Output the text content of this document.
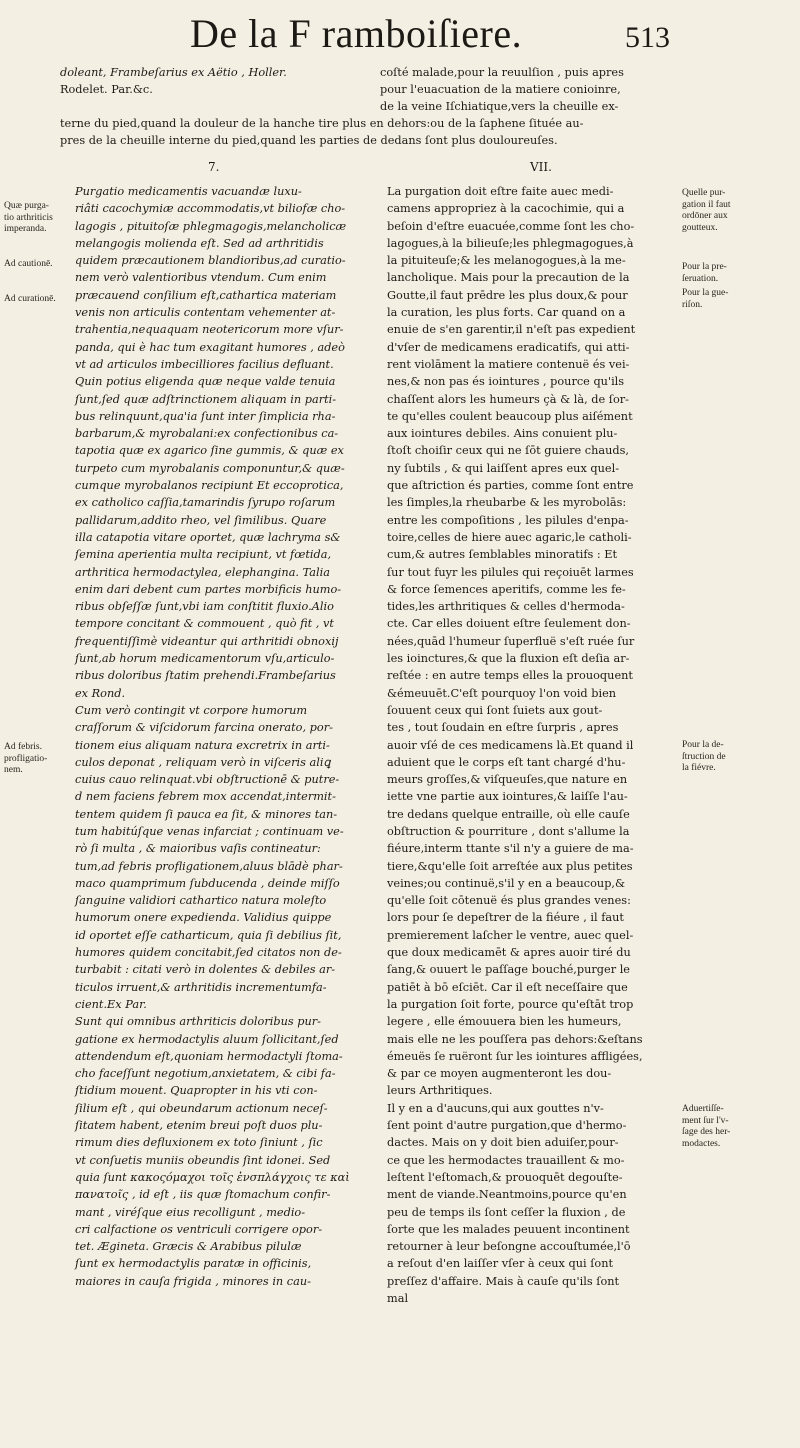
De la F ramboiſiere.	513
doleant, Frambeſarius ex Aëtio , Holler.
Rodelet. Par.&c.
coſté malade,pour la reuulſion , puis apres
pour l'euacuation de la matiere conioinre,
de la veine Iſchiatique,vers la cheuille ex-
terne du pied,quand la douleur de la hanche tire plus en dehors:ou de la ſaphene ſituée au-
pres de la cheuille interne du pied,quand les parties de dedans ſont plus douloureuſes.
7.	VII.
Purgatio medicamentis vacuandæ luxu-
riâti cacochymiæ accommodatis,vt biliofæ cho-
lagogis , pituitoſæ phlegmagogis,melancholicæ
melangogis molienda eſt. Sed ad arthritidis
quidem præcautionem blandioribus,ad curatio-
nem verò valentioribus vtendum. Cum enim
præcauend conſilium eſt,cathartica materiam
venis non articulis contentam vehementer at-
trahentia,nequaquam neotericorum more vſur-
panda, qui è hac tum exagitant humores , adeò
vt ad articulos imbecilliores facilius defluant.
Quin potius eligenda quæ neque valde tenuia
ſunt,ſed quæ adſtrinctionem aliquam in parti-
bus relinquunt,qua'ia ſunt inter ſimplicia rha-
barbarum,& myrobalani:ex confectionibus ca-
tapotia quæ ex agarico ſine gummis, & quæ ex
turpeto cum myrobalanis componuntur,& quæ-
cumque myrobalanos recipiunt Et eccoprotica,
ex catholico caſſia,tamarindis ſyrupo roſarum
pallidarum,addito rheo, vel ſimilibus. Quare
illa catapotia vitare oportet, quæ lachryma s&
ſemina aperientia multa recipiunt, vt fœtida,
arthritica hermodactylea, elephangina. Talia
enim dari debent cum partes morbificis humo-
ribus obſeſſæ ſunt,vbi iam conſtitit fluxio.Alio
tempore concitant & commouent , quò fit , vt
frequentiſſimè videantur qui arthritidi obnoxij
ſunt,ab horum medicamentorum vſu,articulo-
ribus doloribus ſtatim prehendi.Frambeſarius
ex Rond.
Cum verò contingit vt corpore humorum
craſſorum & viſcidorum farcina onerato, por-
tionem eius aliquam natura excretrix in arti-
culos deponat , reliquam verò in viſceris aliꝗ
cuius cauo relinquat.vbi obſtructionē & putre-
d nem faciens febrem mox accendat,intermit-
tentem quidem ſi pauca ea ſit, & minores tan-
tum habitúſque venas infarciat ; continuam ve-
rò ſi multa , & maioribus vaſis contineatur:
tum,ad febris profligationem,aluus blādè phar-
maco quamprimum ſubducenda , deinde miſſo
ſanguine validiori cathartico natura moleſto
humorum onere expedienda. Validius quippe
id oportet eſſe catharticum, quia ſi debilius ſit,
humores quidem concitabit,ſed citatos non de-
turbabit : citati verò in dolentes & debiles ar-
ticulos irruent,& arthritidis incrementumfa-
cient.Ex Par.
Sunt qui omnibus arthriticis doloribus pur-
gatione ex hermodactylis aluum ſollicitant,ſed
attendendum eſt,quoniam hermodactyli ſtoma-
cho faceſſunt negotium,anxietatem, & cibi fa-
ſtidium mouent. Quapropter in his vti con-
ſilium eſt , qui obeundarum actionum neceſ-
ſitatem habent, etenim breui poſt duos plu-
rimum dies defluxionem ex toto ſiniunt , ſic
vt conſuetis muniis obeundis ſint idonei. Sed
quia ſunt κακοςόμαχοι τοῖς ἐνσπλάγχοις τε καὶ
πανατοῖς , id eſt , iis quæ ſtomachum confir-
mant , viréſque eius recolligunt , medio-
cri calfactione os ventriculi corrigere opor-
tet. Æginetа. Græcis & Arabibus pilulæ
ſunt ex hermodactylis paratæ in officinis,
maiores in cauſa frigida , minores in cau-
La purgation doit eſtre faite auec medi-
camens appropriez à la cacochimie, qui a
beſoin d'eſtre euacuée,comme ſont les cho-
lagogues,à la bilieuſe;les phlegmagogues,à
la pituiteuſe;& les melanogogues,à la me-
lancholique. Mais pour la precaution de la
Goutte,il faut prēdre les plus doux,& pour
la curation, les plus forts. Car quand on a
enuie de s'en garentir,il n'eſt pas expedient
d'vſer de medicamens eradicatifs, qui atti-
rent violāment la matiere contenuë és vei-
nes,& non pas és iointures , pource qu'ils
chaſſent alors les humeurs çà & là, de ſor-
te qu'elles coulent beaucoup plus aiſément
aux iointures debiles. Ains conuient plu-
ſtoſt choiſir ceux qui ne ſōt guiere chauds,
ny ſubtils , & qui laiſſent apres eux quel-
que aſtriction és parties, comme ſont entre
les ſimples,la rheubarbe & les myrobolās:
entre les compoſitions , les pilules d'enpa-
toire,celles de hiere auec agaric,le catholi-
cum,& autres ſemblables minoratifs : Et
ſur tout fuyr les pilules qui reçoiuēt larmes
& force ſemences aperitifs, comme les fe-
tides,les arthritiques & celles d'hermoda-
cte. Car elles doiuent eſtre ſeulement don-
nées,quād l'humeur ſuperfluë s'eſt ruée ſur
les ioinctures,& que la fluxion eſt deſia ar-
reſtée : en autre temps elles la prouoquent
&émeuuēt.C'eſt pourquoy l'on void bien
ſouuent ceux qui ſont ſuiets aux gout-
tes , tout ſoudain en eſtre ſurpris , apres
auoir vſé de ces medicamens là.Et quand il
aduient que le corps eſt tant chargé d'hu-
meurs groſſes,& viſqueuſes,que nature en
iette vne partie aux iointures,& laiſſe l'au-
tre dedans quelque entraille, où elle cauſe
obſtruction & pourriture , dont s'allume la
fiéure,interm ttante s'il n'y a guiere de ma-
tiere,&qu'elle ſoit arreſtée aux plus petites
veines;ou continuë,s'il y en a beaucoup,&
qu'elle ſoit cōtenuë és plus grandes venes:
lors pour ſe depeſtrer de la fiéure , il faut
premierement laſcher le ventre, auec quel-
que doux medicamēt & apres auoir tiré du
ſang,& ouuert le paſſage bouché,purger le
patiēt à bō eſciēt. Car il eſt neceſſaire que
la purgation ſoit forte, pource qu'eſtāt trop
legere , elle émouuera bien les humeurs,
mais elle ne les pouſſera pas dehors:&eſtans
émeuës ſe ruëront ſur les iointures affligées,
& par ce moyen augmenteront les dou-
leurs Arthritiques.
Il y en a d'aucuns,qui aux gouttes n'v-
ſent point d'autre purgation,que d'hermo-
dactes. Mais on y doit bien aduiſer,pour-
ce que les hermodactes trauaillent & mo-
leſtent l'eſtomach,& prouoquēt degouſte-
ment de viande.Neantmoins,pource qu'en
peu de temps ils ſont ceſſer la fluxion , de
ſorte que les malades peuuent incontinent
retourner à leur beſongne accouſtumée,l'ō
a reſout d'en laiſſer vſer à ceux qui ſont
preſſez d'affaire. Mais à cauſe qu'ils ſont
mal
Quæ purga-
tio arthriticis
imperanda.
Ad cautionē.
Ad curationē.
Ad febris.
profligatio-
nem.
Quelle pur-
gation il faut
ordōner aux
goutteux.
Pour la pre-
ſeruation.
Pour la gue-
riſon.
Pour la de-
ſtruction de
la fiévre.
Aduertiſſe-
ment ſur l'v-
ſage des her-
modactes.
